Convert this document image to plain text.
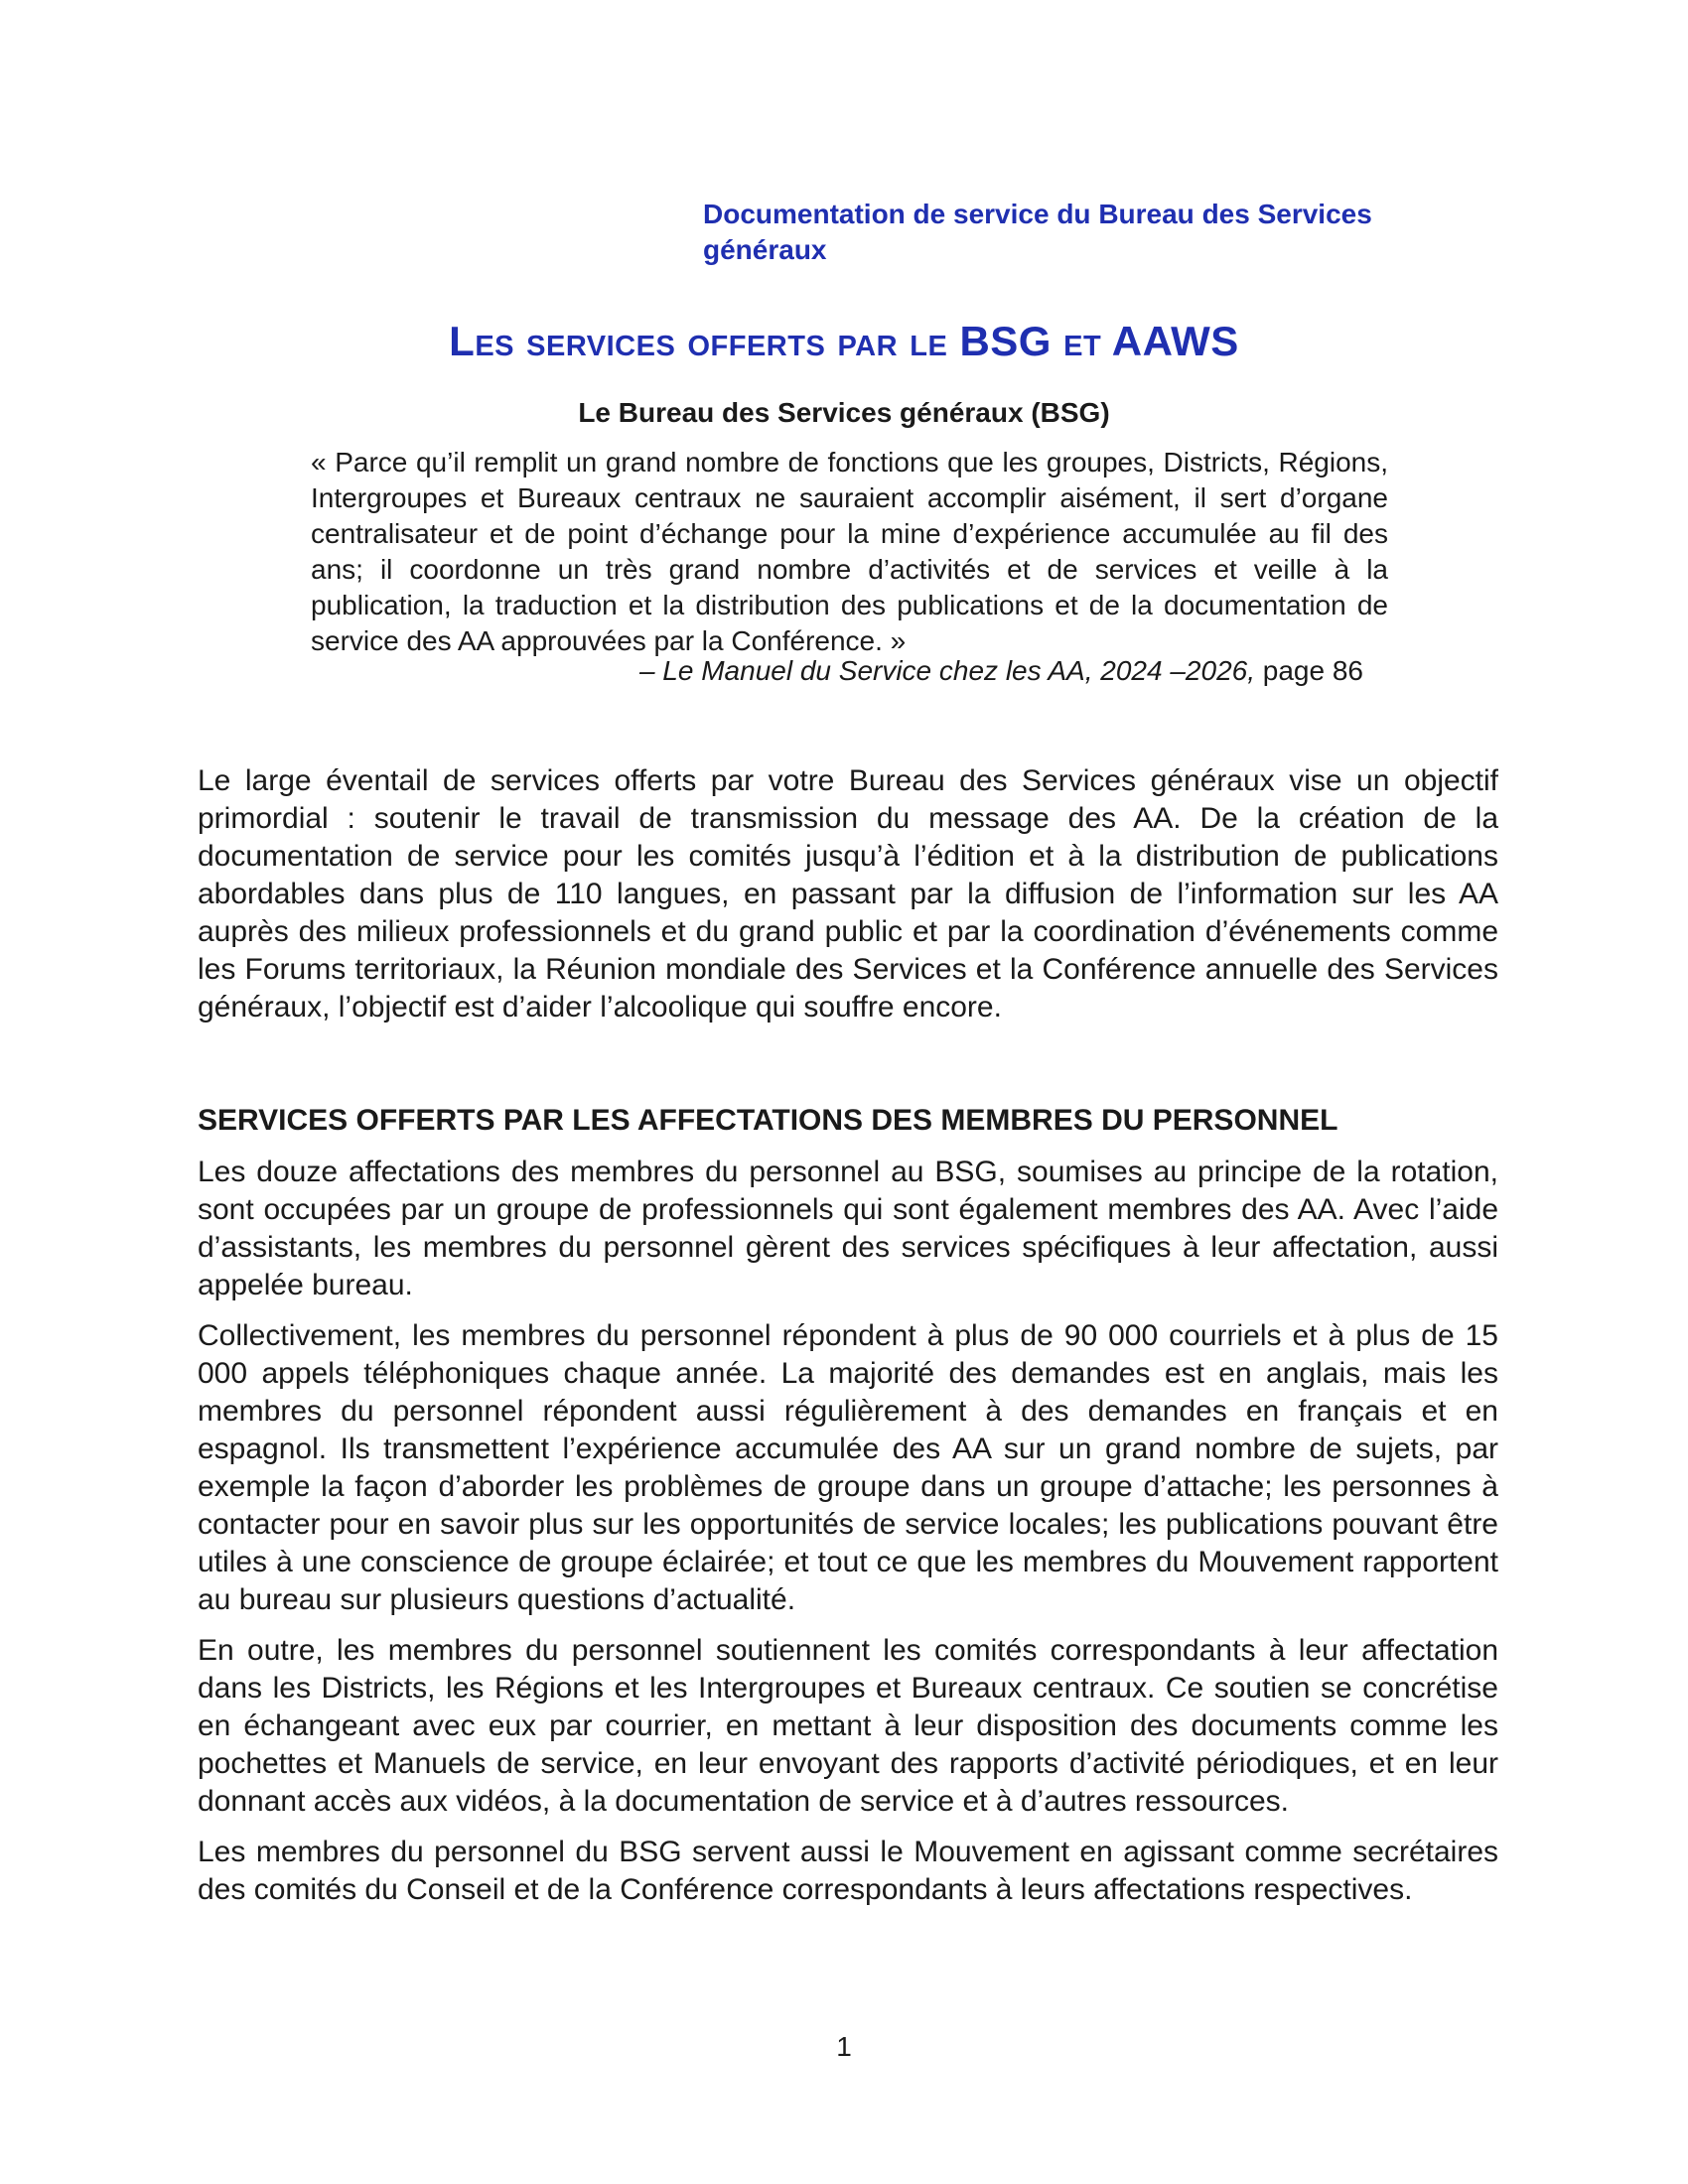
Documentation de service du Bureau des Services généraux
Les services offerts par le BSG et AAWS
Le Bureau des Services généraux (BSG)
« Parce qu’il remplit un grand nombre de fonctions que les groupes, Districts, Régions, Intergroupes et Bureaux centraux ne sauraient accomplir aisément, il sert d’organe centralisateur et de point d’échange pour la mine d’expérience accumulée au fil des ans; il coordonne un très grand nombre d’activités et de services et veille à la publication, la traduction et la distribution des publications et de la documentation de service des AA approuvées par la Conférence. »
– Le Manuel du Service chez les AA, 2024 –2026, page 86

Le large éventail de services offerts par votre Bureau des Services généraux vise un objectif primordial : soutenir le travail de transmission du message des AA. De la création de la documentation de service pour les comités jusqu’à l’édition et à la distribution de publications abordables dans plus de 110 langues, en passant par la diffusion de l’information sur les AA auprès des milieux professionnels et du grand public et par la coordination d’événements comme les Forums territoriaux, la Réunion mondiale des Services et la Conférence annuelle des Services généraux, l’objectif est d’aider l’alcoolique qui souffre encore.

SERVICES OFFERTS PAR LES AFFECTATIONS DES MEMBRES DU PERSONNEL

Les douze affectations des membres du personnel au BSG, soumises au principe de la rotation, sont occupées par un groupe de professionnels qui sont également membres des AA. Avec l’aide d’assistants, les membres du personnel gèrent des services spécifiques à leur affectation, aussi appelée bureau.

Collectivement, les membres du personnel répondent à plus de 90 000 courriels et à plus de 15 000 appels téléphoniques chaque année. La majorité des demandes est en anglais, mais les membres du personnel répondent aussi régulièrement à des demandes en français et en espagnol. Ils transmettent l’expérience accumulée des AA sur un grand nombre de sujets, par exemple la façon d’aborder les problèmes de groupe dans un groupe d’attache; les personnes à contacter pour en savoir plus sur les opportunités de service locales; les publications pouvant être utiles à une conscience de groupe éclairée; et tout ce que les membres du Mouvement rapportent au bureau sur plusieurs questions d’actualité.

En outre, les membres du personnel soutiennent les comités correspondants à leur affectation dans les Districts, les Régions et les Intergroupes et Bureaux centraux. Ce soutien se concrétise en échangeant avec eux par courrier, en mettant à leur disposition des documents comme les pochettes et Manuels de service, en leur envoyant des rapports d’activité périodiques, et en leur donnant accès aux vidéos, à la documentation de service et à d’autres ressources.

Les membres du personnel du BSG servent aussi le Mouvement en agissant comme secrétaires des comités du Conseil et de la Conférence correspondants à leurs affectations respectives.

1
